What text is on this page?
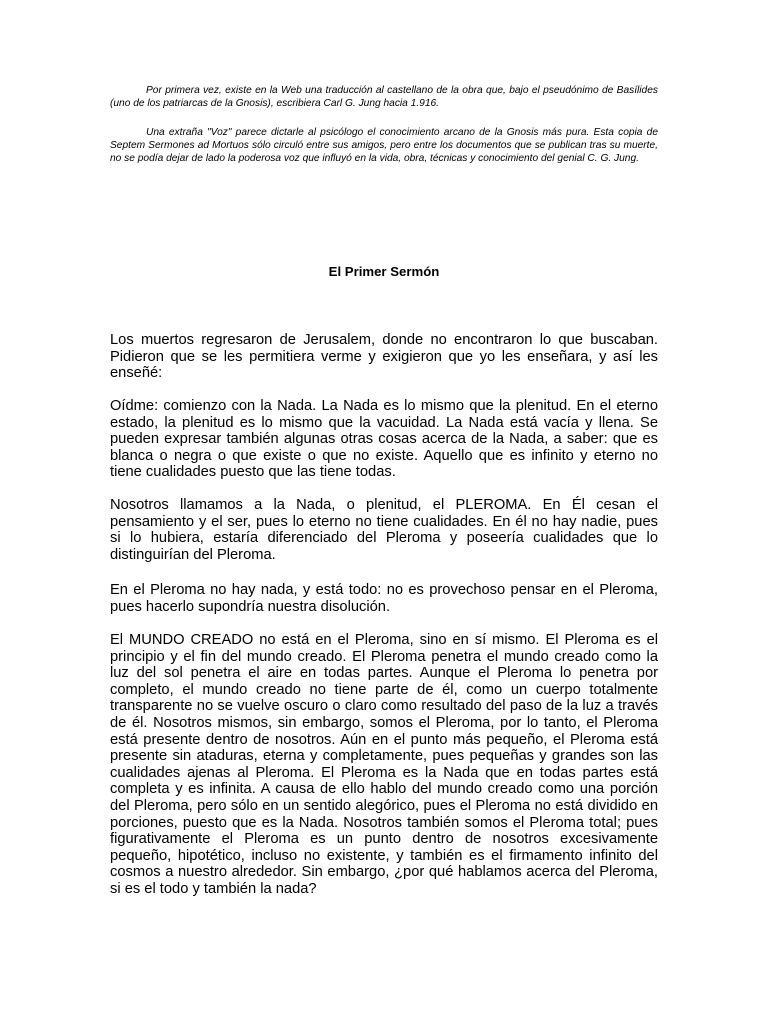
Por primera vez, existe en la Web una traducción al castellano de la obra que, bajo el pseudónimo de Basílides (uno de los patriarcas de la Gnosis), escribiera Carl G. Jung hacia 1.916.

Una extraña "Voz" parece dictarle al psicólogo el conocimiento arcano de la Gnosis más pura. Esta copia de Septem Sermones ad Mortuos sólo circuló entre sus amigos, pero entre los documentos que se publican tras su muerte, no se podía dejar de lado la poderosa voz que influyó en la vida, obra, técnicas y conocimiento del genial C. G. Jung.

El Primer Sermón

Los muertos regresaron de Jerusalem, donde no encontraron lo que buscaban. Pidieron que se les permitiera verme y exigieron que yo les enseñara, y así les enseñé:

Oídme: comienzo con la Nada. La Nada es lo mismo que la plenitud. En el eterno estado, la plenitud es lo mismo que la vacuidad. La Nada está vacía y llena. Se pueden expresar también algunas otras cosas acerca de la Nada, a saber: que es blanca o negra o que existe o que no existe. Aquello que es infinito y eterno no tiene cualidades puesto que las tiene todas.

Nosotros llamamos a la Nada, o plenitud, el PLEROMA. En Él cesan el pensamiento y el ser, pues lo eterno no tiene cualidades. En él no hay nadie, pues si lo hubiera, estaría diferenciado del Pleroma y poseería cualidades que lo distinguirían del Pleroma.

En el Pleroma no hay nada, y está todo: no es provechoso pensar en el Pleroma, pues hacerlo supondría nuestra disolución.

El MUNDO CREADO no está en el Pleroma, sino en sí mismo. El Pleroma es el principio y el fin del mundo creado. El Pleroma penetra el mundo creado como la luz del sol penetra el aire en todas partes. Aunque el Pleroma lo penetra por completo, el mundo creado no tiene parte de él, como un cuerpo totalmente transparente no se vuelve oscuro o claro como resultado del paso de la luz a través de él. Nosotros mismos, sin embargo, somos el Pleroma, por lo tanto, el Pleroma está presente dentro de nosotros. Aún en el punto más pequeño, el Pleroma está presente sin ataduras, eterna y completamente, pues pequeñas y grandes son las cualidades ajenas al Pleroma. El Pleroma es la Nada que en todas partes está completa y es infinita. A causa de ello hablo del mundo creado como una porción del Pleroma, pero sólo en un sentido alegórico, pues el Pleroma no está dividido en porciones, puesto que es la Nada. Nosotros también somos el Pleroma total; pues figurativamente el Pleroma es un punto dentro de nosotros excesivamente pequeño, hipotético, incluso no existente, y también es el firmamento infinito del cosmos a nuestro alrededor. Sin embargo, ¿por qué hablamos acerca del Pleroma, si es el todo y también la nada?
